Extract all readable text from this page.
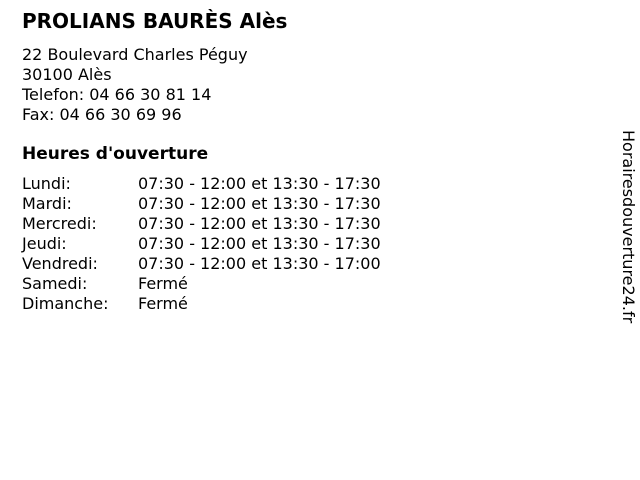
PROLIANS BAURÈS Alès
22 Boulevard Charles Péguy
30100 Alès
Telefon: 04 66 30 81 14
Fax: 04 66 30 69 96
Heures d'ouverture
Lundi:	07:30 - 12:00 et 13:30 - 17:30
Mardi:	07:30 - 12:00 et 13:30 - 17:30
Mercredi:	07:30 - 12:00 et 13:30 - 17:30
Jeudi:	07:30 - 12:00 et 13:30 - 17:30
Vendredi:	07:30 - 12:00 et 13:30 - 17:00
Samedi:	Fermé
Dimanche:	Fermé	Horairesdouverture24.fr
